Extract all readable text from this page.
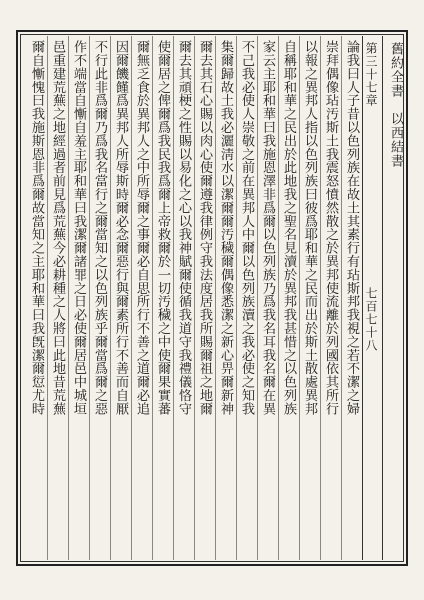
舊約全書　以西結書
第三十七章  七百七十八
論我曰人子昔以色列族在故土其素行有玷斯邦我視之若不潔之婦
崇拜偶像玷汚斯土我震怒憤然散之於異邦使流離於列國依其所行
以報之異邦人指以色列族曰彼爲耶和華之民而出於斯土散處異邦
自稱耶和華之民出於此地我之聖名見瀆於異邦我甚惜之以色列族
家云主耶和華曰我施恩澤非爲爾以色列族乃爲我名耳我名爾在異
不己我必使人崇敬之前在異邦人中爾以色列族瀆之我必使之知我
集爾歸故土我必灑淸水以潔爾爾汚穢爾偶像悉潔之新心畀爾新神
爾去其石心賜以肉心使爾遵我律例守我法度居我所賜爾祖之地爾
爾去其頑梗之性賜以易化之心以我神賦爾使循我道守我禮儀恪守
使爾居之俾爾爲我民我爲爾上帝救爾於一切汚穢之中使爾果實蕃
爾無乏食於異邦人之中所辱爾之事爾必自思所行不善之道爾必追
因爾饑饉爲異邦人所辱斯時爾必念爾惡行與爾素所行不善而自厭
不行此非爲爾乃爲我名當行之爾當知之以色列族乎爾當爲爾之惡
作不端當自慚自羞主耶和華曰我潔爾諸罪之日必使爾居邑中城垣
邑重建荒蕪之地經過者前見爲荒蕪今必耕種之人將曰此地昔荒蕪
爾自慚愧曰我施斯恩非爲爾故當知之主耶和華曰我旣潔爾愆尤時
